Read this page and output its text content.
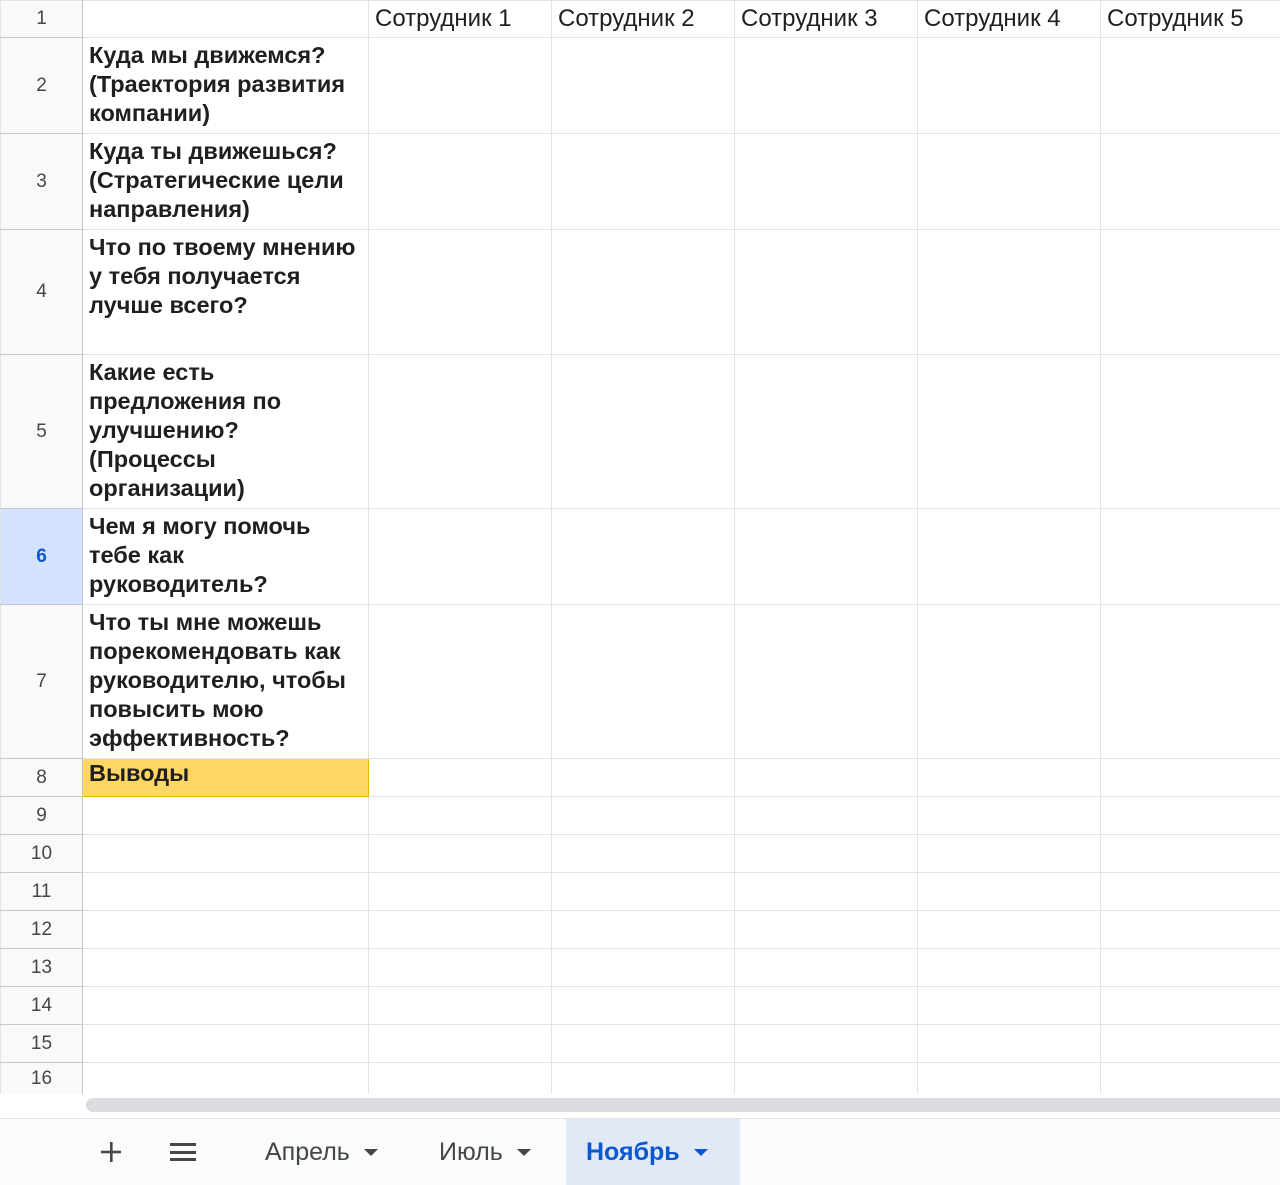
1		Сотрудник 1	Сотрудник 2	Сотрудник 3	Сотрудник 4	Сотрудник 5
2	Куда мы движемся? (Траектория развития компании)					
3	Куда ты движешься? (Стратегические цели направления)					
4	Что по твоему мнению у тебя получается лучше всего?					
5	Какие есть предложения по улучшению? (Процессы организации)					
6	Чем я могу помочь тебе как руководитель?					
7	Что ты мне можешь порекомендовать как руководителю, чтобы повысить мою эффективность?					
8	Выводы					
9						
10						
11						
12						
13						
14						
15						
16						
Апрель	Июль	Ноябрь
